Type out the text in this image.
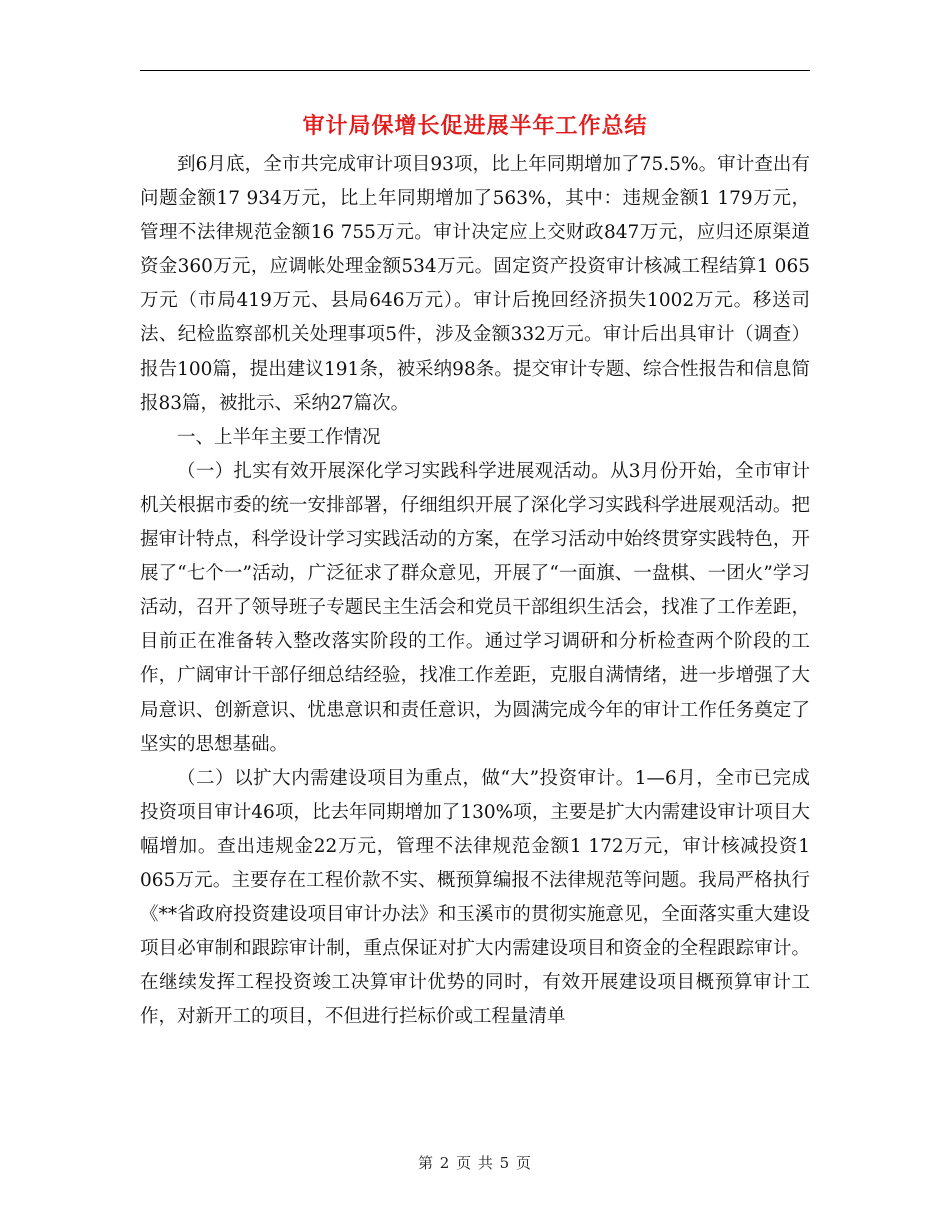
审计局保增长促进展半年工作总结

到6月底，全市共完成审计项目93项，比上年同期增加了75.5%。审计查出有问题金额17 934万元，比上年同期增加了563%，其中：违规金额1 179万元，管理不法律规范金额16 755万元。审计决定应上交财政847万元，应归还原渠道资金360万元，应调帐处理金额534万元。固定资产投资审计核减工程结算1 065万元（市局419万元、县局646万元）。审计后挽回经济损失1002万元。移送司法、纪检监察部机关处理事项5件，涉及金额332万元。审计后出具审计（调查）报告100篇，提出建议191条，被采纳98条。提交审计专题、综合性报告和信息简报83篇，被批示、采纳27篇次。

一、上半年主要工作情况

（一）扎实有效开展深化学习实践科学进展观活动。从3月份开始，全市审计机关根据市委的统一安排部署，仔细组织开展了深化学习实践科学进展观活动。把握审计特点，科学设计学习实践活动的方案，在学习活动中始终贯穿实践特色，开展了“七个一”活动，广泛征求了群众意见，开展了“一面旗、一盘棋、一团火”学习活动，召开了领导班子专题民主生活会和党员干部组织生活会，找准了工作差距，目前正在准备转入整改落实阶段的工作。通过学习调研和分析检查两个阶段的工作，广阔审计干部仔细总结经验，找准工作差距，克服自满情绪，进一步增强了大局意识、创新意识、忧患意识和责任意识，为圆满完成今年的审计工作任务奠定了坚实的思想基础。

（二）以扩大内需建设项目为重点，做“大”投资审计。1—6月，全市已完成投资项目审计46项，比去年同期增加了130%项，主要是扩大内需建设审计项目大幅增加。查出违规金22万元，管理不法律规范金额1 172万元，审计核减投资1 065万元。主要存在工程价款不实、概预算编报不法律规范等问题。我局严格执行《**省政府投资建设项目审计办法》和玉溪市的贯彻实施意见，全面落实重大建设项目必审制和跟踪审计制，重点保证对扩大内需建设项目和资金的全程跟踪审计。在继续发挥工程投资竣工决算审计优势的同时，有效开展建设项目概预算审计工作，对新开工的项目，不但进行拦标价或工程量清单

第 2 页 共 5 页
